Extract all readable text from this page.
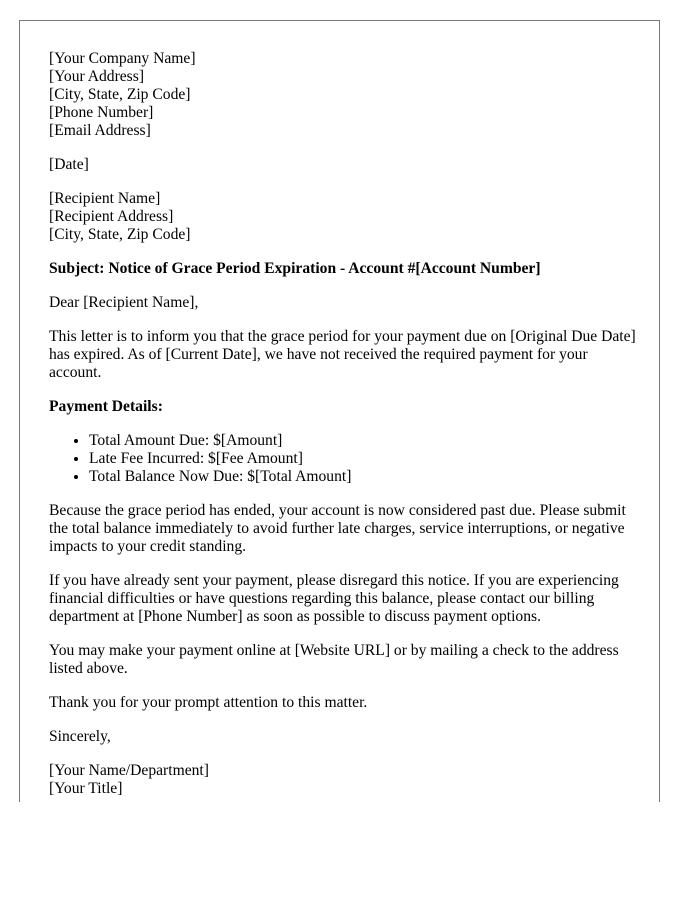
[Your Company Name]
[Your Address]
[City, State, Zip Code]
[Phone Number]
[Email Address]

[Date]

[Recipient Name]
[Recipient Address]
[City, State, Zip Code]

Subject: Notice of Grace Period Expiration - Account #[Account Number]

Dear [Recipient Name],

This letter is to inform you that the grace period for your payment due on [Original Due Date] has expired. As of [Current Date], we have not received the required payment for your account.

Payment Details:

• Total Amount Due: $[Amount]
• Late Fee Incurred: $[Fee Amount]
• Total Balance Now Due: $[Total Amount]

Because the grace period has ended, your account is now considered past due. Please submit the total balance immediately to avoid further late charges, service interruptions, or negative impacts to your credit standing.

If you have already sent your payment, please disregard this notice. If you are experiencing financial difficulties or have questions regarding this balance, please contact our billing department at [Phone Number] as soon as possible to discuss payment options.

You may make your payment online at [Website URL] or by mailing a check to the address listed above.

Thank you for your prompt attention to this matter.

Sincerely,

[Your Name/Department]
[Your Title]
